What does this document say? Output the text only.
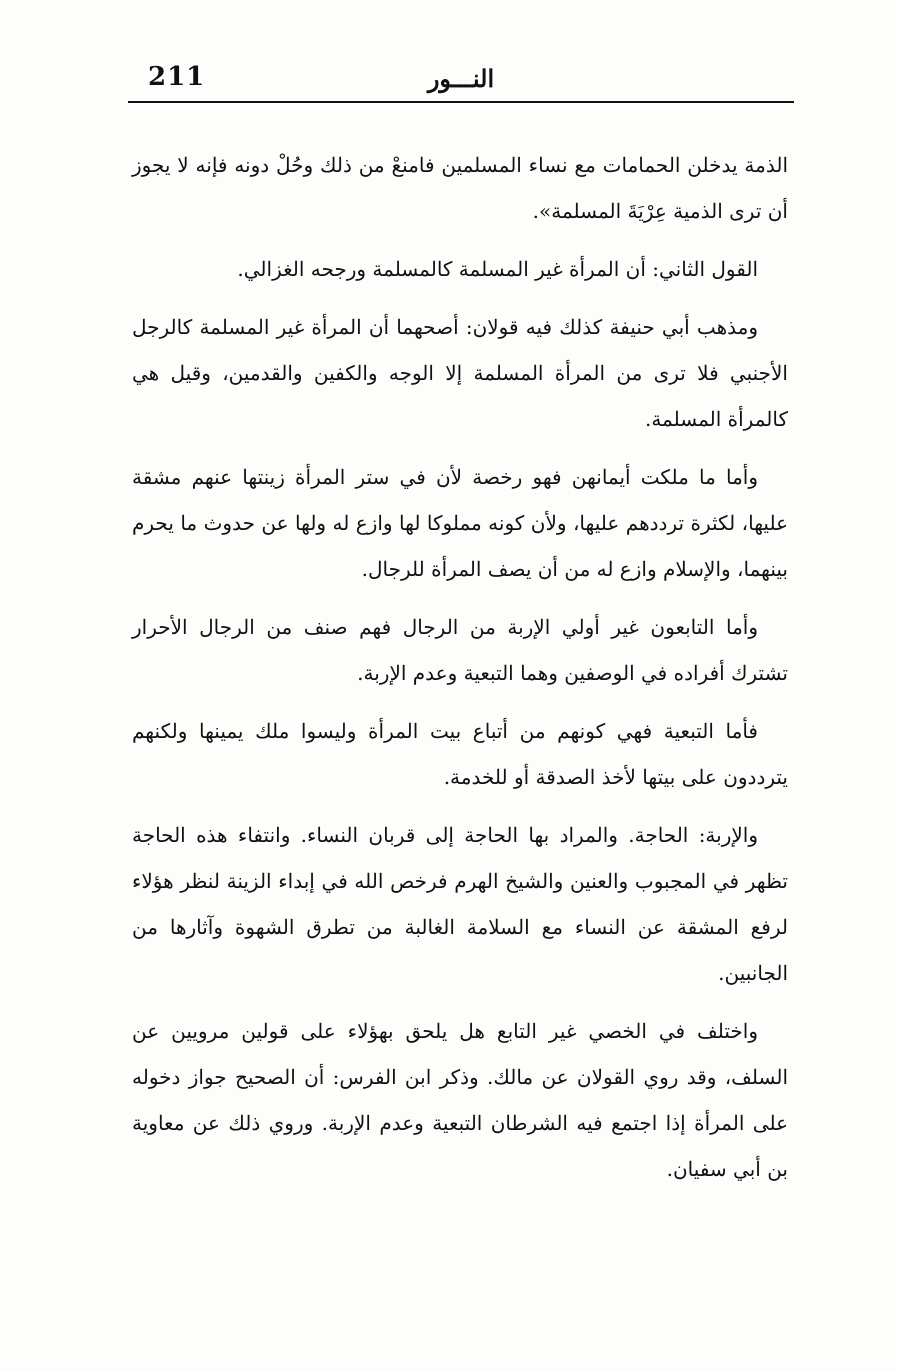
211	النـــور

الذمة يدخلن الحمامات مع نساء المسلمين فامنعْ من ذلك وحُلْ دونه فإنه لا يجوز أن ترى الذمية عِرْيَةَ المسلمة».

القول الثاني: أن المرأة غير المسلمة كالمسلمة ورجحه الغزالي.

ومذهب أبي حنيفة كذلك فيه قولان: أصحهما أن المرأة غير المسلمة كالرجل الأجنبي فلا ترى من المرأة المسلمة إلا الوجه والكفين والقدمين، وقيل هي كالمرأة المسلمة.

وأما ما ملكت أيمانهن فهو رخصة لأن في ستر المرأة زينتها عنهم مشقة عليها، لكثرة ترددهم عليها، ولأن كونه مملوكا لها وازع له ولها عن حدوث ما يحرم بينهما، والإسلام وازع له من أن يصف المرأة للرجال.

وأما التابعون غير أولي الإربة من الرجال فهم صنف من الرجال الأحرار تشترك أفراده في الوصفين وهما التبعية وعدم الإربة.

فأما التبعية فهي كونهم من أتباع بيت المرأة وليسوا ملك يمينها ولكنهم يترددون على بيتها لأخذ الصدقة أو للخدمة.

والإربة: الحاجة. والمراد بها الحاجة إلى قربان النساء. وانتفاء هذه الحاجة تظهر في المجبوب والعنين والشيخ الهرم فرخص الله في إبداء الزينة لنظر هؤلاء لرفع المشقة عن النساء مع السلامة الغالبة من تطرق الشهوة وآثارها من الجانبين.

واختلف في الخصي غير التابع هل يلحق بهؤلاء على قولين مرويين عن السلف، وقد روي القولان عن مالك. وذكر ابن الفرس: أن الصحيح جواز دخوله على المرأة إذا اجتمع فيه الشرطان التبعية وعدم الإربة. وروي ذلك عن معاوية بن أبي سفيان.
